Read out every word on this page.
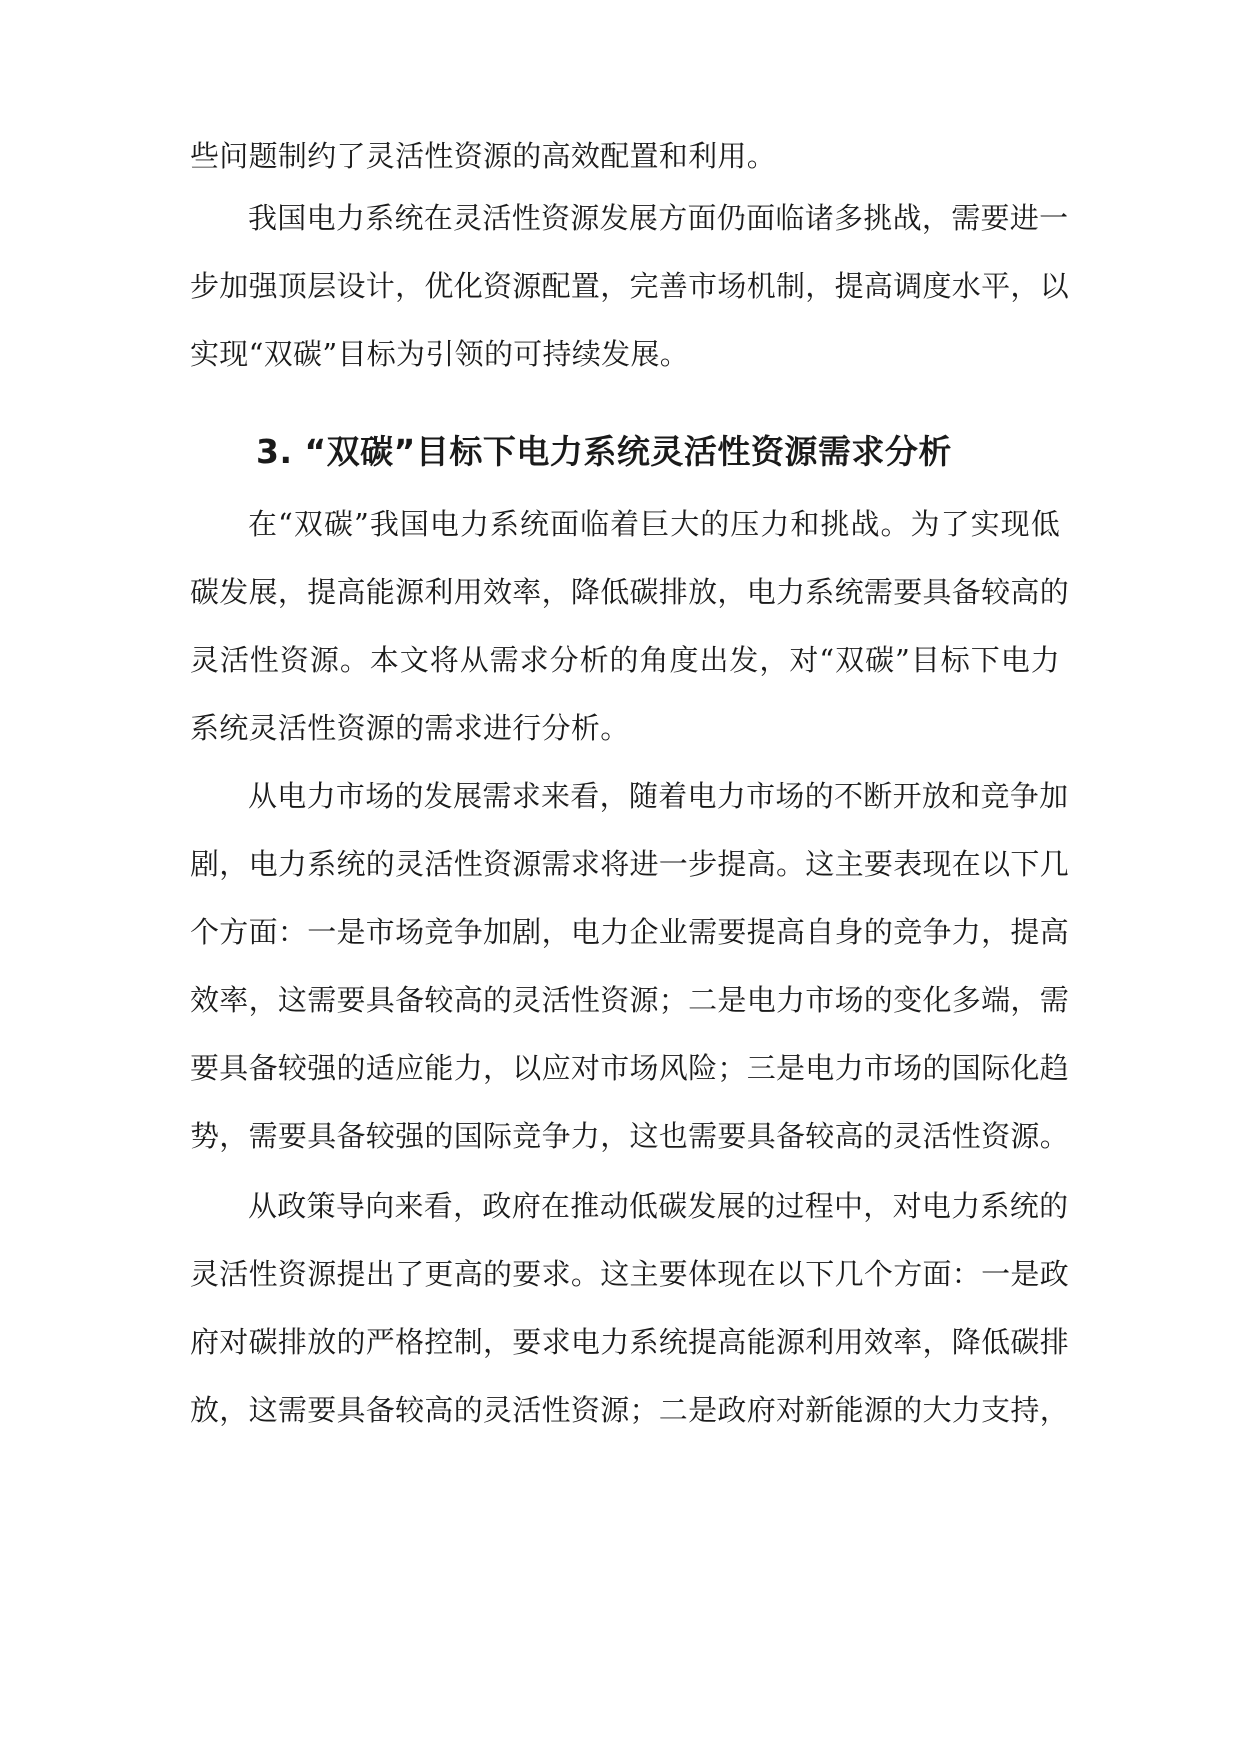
些问题制约了灵活性资源的高效配置和利用。
我国电力系统在灵活性资源发展方面仍面临诸多挑战，需要进一
步加强顶层设计，优化资源配置，完善市场机制，提高调度水平，以
实现“双碳”目标为引领的可持续发展。
3. “双碳”目标下电力系统灵活性资源需求分析
在“双碳”我国电力系统面临着巨大的压力和挑战。为了实现低
碳发展，提高能源利用效率，降低碳排放，电力系统需要具备较高的
灵活性资源。本文将从需求分析的角度出发，对“双碳”目标下电力
系统灵活性资源的需求进行分析。
从电力市场的发展需求来看，随着电力市场的不断开放和竞争加
剧，电力系统的灵活性资源需求将进一步提高。这主要表现在以下几
个方面：一是市场竞争加剧，电力企业需要提高自身的竞争力，提高
效率，这需要具备较高的灵活性资源；二是电力市场的变化多端，需
要具备较强的适应能力，以应对市场风险；三是电力市场的国际化趋
势，需要具备较强的国际竞争力，这也需要具备较高的灵活性资源。
从政策导向来看，政府在推动低碳发展的过程中，对电力系统的
灵活性资源提出了更高的要求。这主要体现在以下几个方面：一是政
府对碳排放的严格控制，要求电力系统提高能源利用效率，降低碳排
放，这需要具备较高的灵活性资源；二是政府对新能源的大力支持，
